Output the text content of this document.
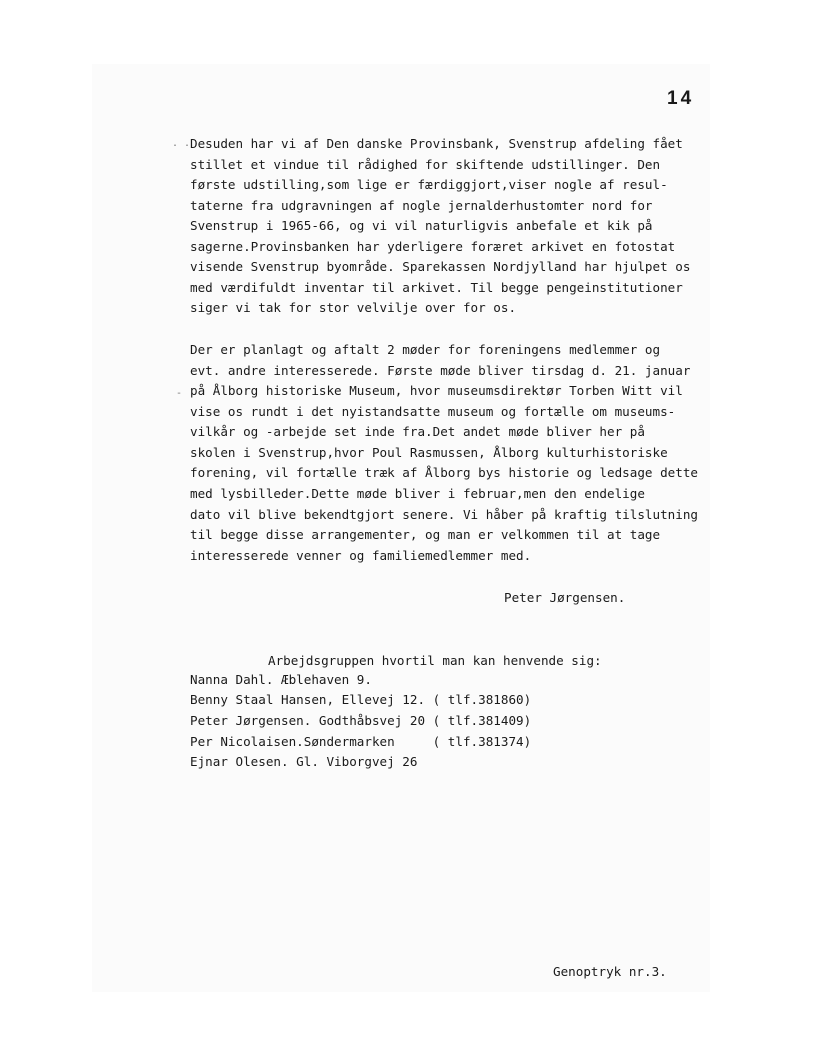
14
. .
-
Desuden har vi af Den danske Provinsbank, Svenstrup afdeling fået
stillet et vindue til rådighed for skiftende udstillinger. Den
første udstilling,som lige er færdiggjort,viser nogle af resul-
taterne fra udgravningen af nogle jernalderhustomter nord for
Svenstrup i 1965-66, og vi vil naturligvis anbefale et kik på
sagerne.Provinsbanken har yderligere foræret arkivet en fotostat
visende Svenstrup byområde. Sparekassen Nordjylland har hjulpet os
med værdifuldt inventar til arkivet. Til begge pengeinstitutioner
siger vi tak for stor velvilje over for os.
Der er planlagt og aftalt 2 møder for foreningens medlemmer og
evt. andre interesserede. Første møde bliver tirsdag d. 21. januar
på Ålborg historiske Museum, hvor museumsdirektør Torben Witt vil
vise os rundt i det nyistandsatte museum og fortælle om museums-
vilkår og -arbejde set inde fra.Det andet møde bliver her på
skolen i Svenstrup,hvor Poul Rasmussen, Ålborg kulturhistoriske
forening, vil fortælle træk af Ålborg bys historie og ledsage dette
med lysbilleder.Dette møde bliver i februar,men den endelige
dato vil blive bekendtgjort senere. Vi håber på kraftig tilslutning
til begge disse arrangementer, og man er velkommen til at tage
interesserede venner og familiemedlemmer med.
Peter Jørgensen.
Arbejdsgruppen hvortil man kan henvende sig:
Nanna Dahl. Æblehaven 9.
Benny Staal Hansen, Ellevej 12. ( tlf.381860)
Peter Jørgensen. Godthåbsvej 20 ( tlf.381409)
Per Nicolaisen.Søndermarken     ( tlf.381374)
Ejnar Olesen. Gl. Viborgvej 26
Genoptryk nr.3.
